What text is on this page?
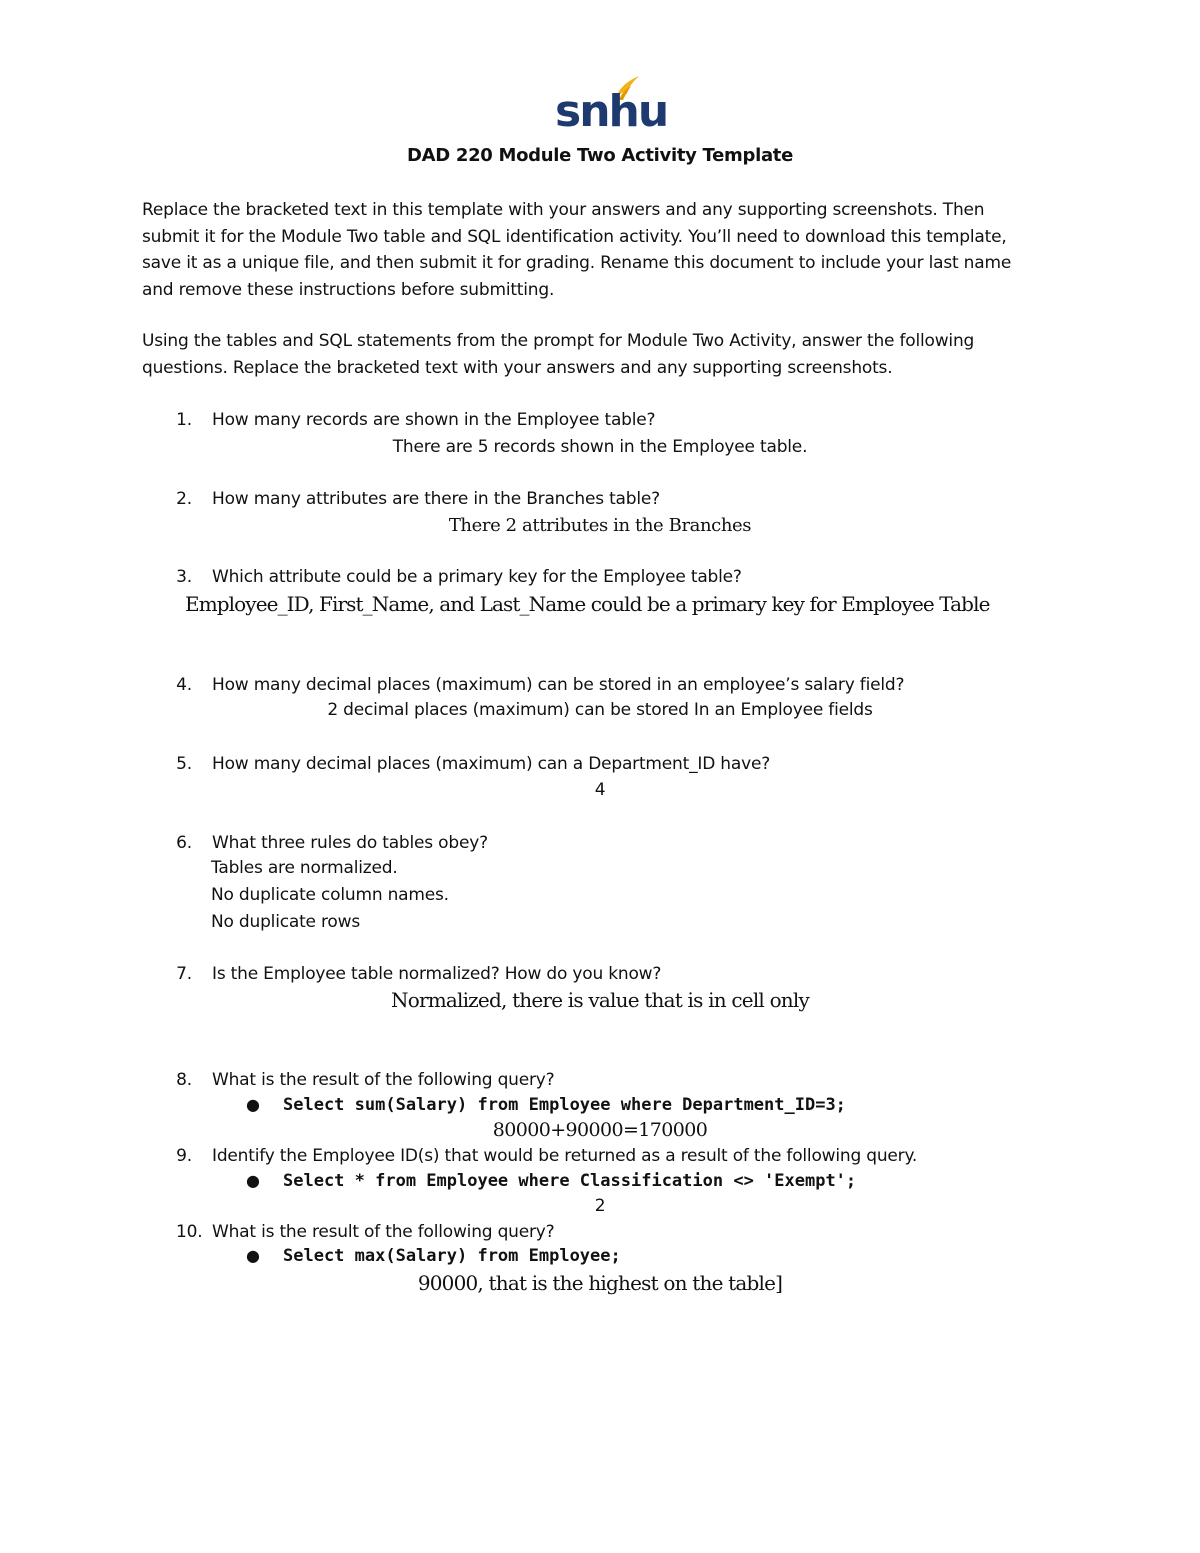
snhu
DAD 220 Module Two Activity Template
Replace the bracketed text in this template with your answers and any supporting screenshots. Then
submit it for the Module Two table and SQL identification activity. You’ll need to download this template,
save it as a unique file, and then submit it for grading. Rename this document to include your last name
and remove these instructions before submitting.
Using the tables and SQL statements from the prompt for Module Two Activity, answer the following
questions. Replace the bracketed text with your answers and any supporting screenshots.
1. How many records are shown in the Employee table?
There are 5 records shown in the Employee table.
2. How many attributes are there in the Branches table?
There 2 attributes in the Branches
3. Which attribute could be a primary key for the Employee table?
Employee_ID, First_Name, and Last_Name could be a primary key for Employee Table
4. How many decimal places (maximum) can be stored in an employee’s salary field?
2 decimal places (maximum) can be stored In an Employee fields
5. How many decimal places (maximum) can a Department_ID have?
4
6. What three rules do tables obey?
Tables are normalized.
No duplicate column names.
No duplicate rows
7. Is the Employee table normalized? How do you know?
Normalized, there is value that is in cell only
8. What is the result of the following query?
● Select sum(Salary) from Employee where Department_ID=3;
80000+90000=170000
9. Identify the Employee ID(s) that would be returned as a result of the following query.
● Select * from Employee where Classification <> 'Exempt';
2
10. What is the result of the following query?
● Select max(Salary) from Employee;
90000, that is the highest on the table]
